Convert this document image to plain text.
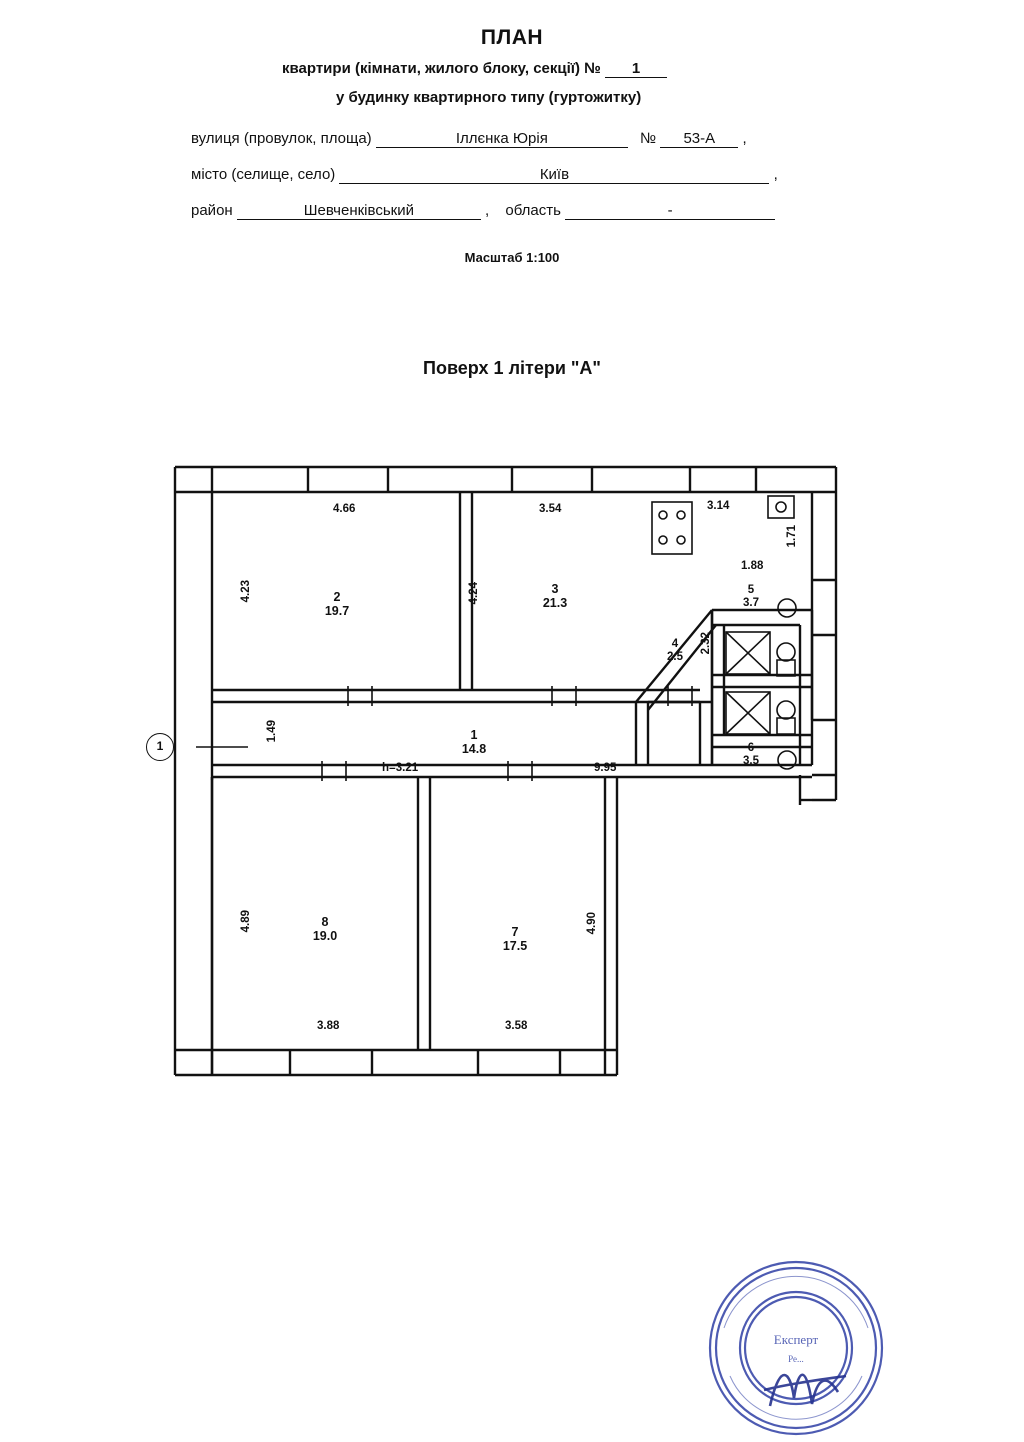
ПЛАН
квартири (кімнати, жилого блоку, секції) № 1
у будинку квартирного типу (гуртожитку)
вулиця (провулок, площа)	Іллєнка Юрія	№ 53-А ,
місто (селище, село)	Київ	,
район	Шевченківський	, область	-
Масштаб 1:100
Поверх 1 літери "А"
1
4.66	3.54	3.14
4.23	4.24
1.71
1.88
2.32
1.49
h=3.21	9.95
4.89	4.90
3.88	3.58
2
19.7
3
21.3
4
2.5
5
3.7
6
3.5
1
14.8
8
19.0	7
17.5
Експерт
Ре...
